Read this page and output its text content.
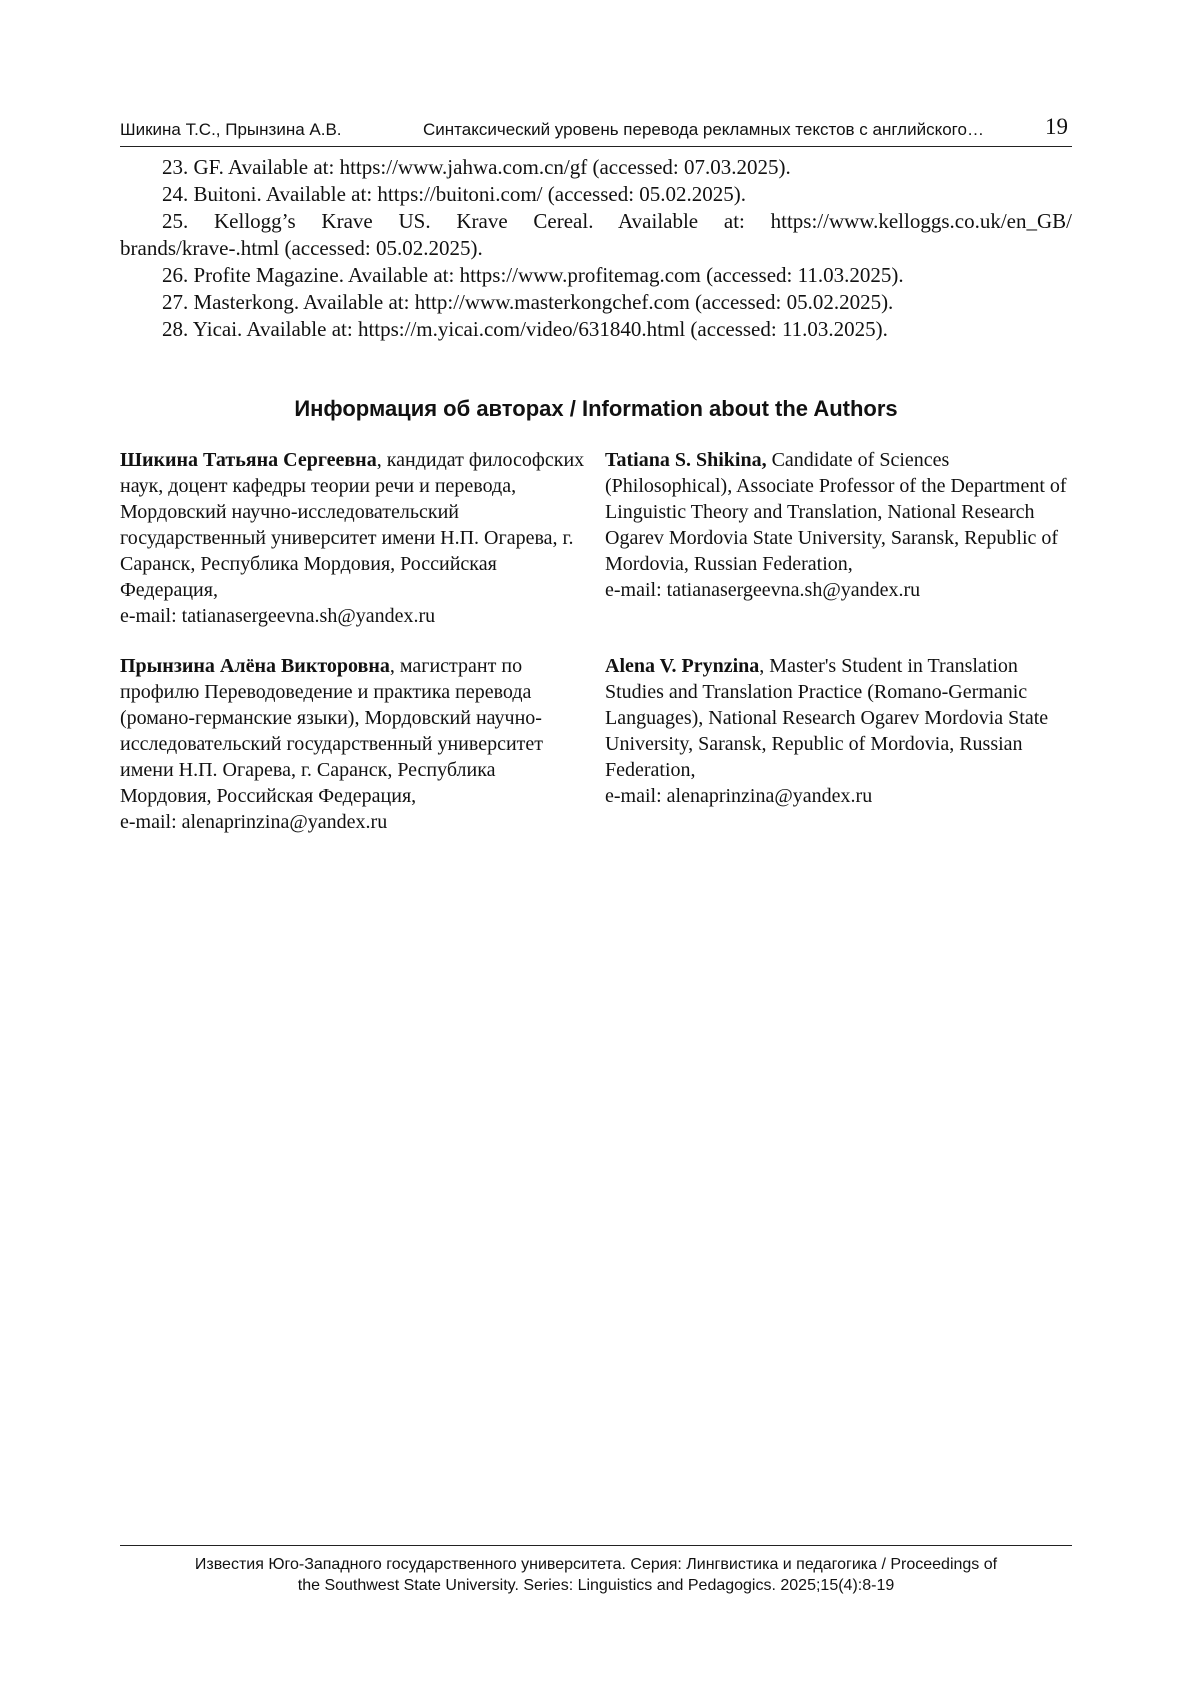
Шикина Т.С., Прынзина А.В.	Синтаксический уровень перевода рекламных текстов с английского…	19
23. GF. Available at: https://www.jahwa.com.cn/gf (accessed: 07.03.2025).
24. Buitoni. Available at: https://buitoni.com/ (accessed: 05.02.2025).
25. Kellogg’s Krave US. Krave Cereal. Available at: https://www.kelloggs.co.uk/en_GB/ brands/krave-.html (accessed: 05.02.2025).
26. Profite Magazine. Available at: https://www.profitemag.com (accessed: 11.03.2025).
27. Masterkong. Available at: http://www.masterkongchef.com (accessed: 05.02.2025).
28. Yicai. Available at: https://m.yicai.com/video/631840.html (accessed: 11.03.2025).
Информация об авторах / Information about the Authors
Шикина Татьяна Сергеевна, кандидат философских наук, доцент кафедры теории речи и перевода, Мордовский научно-исследовательский государственный университет имени Н.П. Огарева, г. Саранск, Республика Мордовия, Российская Федерация,
e-mail: tatianasergeevna.sh@yandex.ru
Tatiana S. Shikina, Candidate of Sciences (Philosophical), Associate Professor of the Department of Linguistic Theory and Translation, National Research Ogarev Mordovia State University, Saransk, Republic of Mordovia, Russian Federation,
e-mail: tatianasergeevna.sh@yandex.ru
Прынзина Алёна Викторовна, магистрант по профилю Переводоведение и практика перевода (романо-германские языки), Мордовский научно-исследовательский государственный университет имени Н.П. Огарева, г. Саранск, Республика Мордовия, Российская Федерация,
e-mail: alenaprinzina@yandex.ru
Alena V. Prynzina, Master's Student in Translation Studies and Translation Practice (Romano-Germanic Languages), National Research Ogarev Mordovia State University, Saransk, Republic of Mordovia, Russian Federation,
e-mail: alenaprinzina@yandex.ru
Известия Юго-Западного государственного университета. Серия: Лингвистика и педагогика / Proceedings of
the Southwest State University. Series: Linguistics and Pedagogics. 2025;15(4):8-19
